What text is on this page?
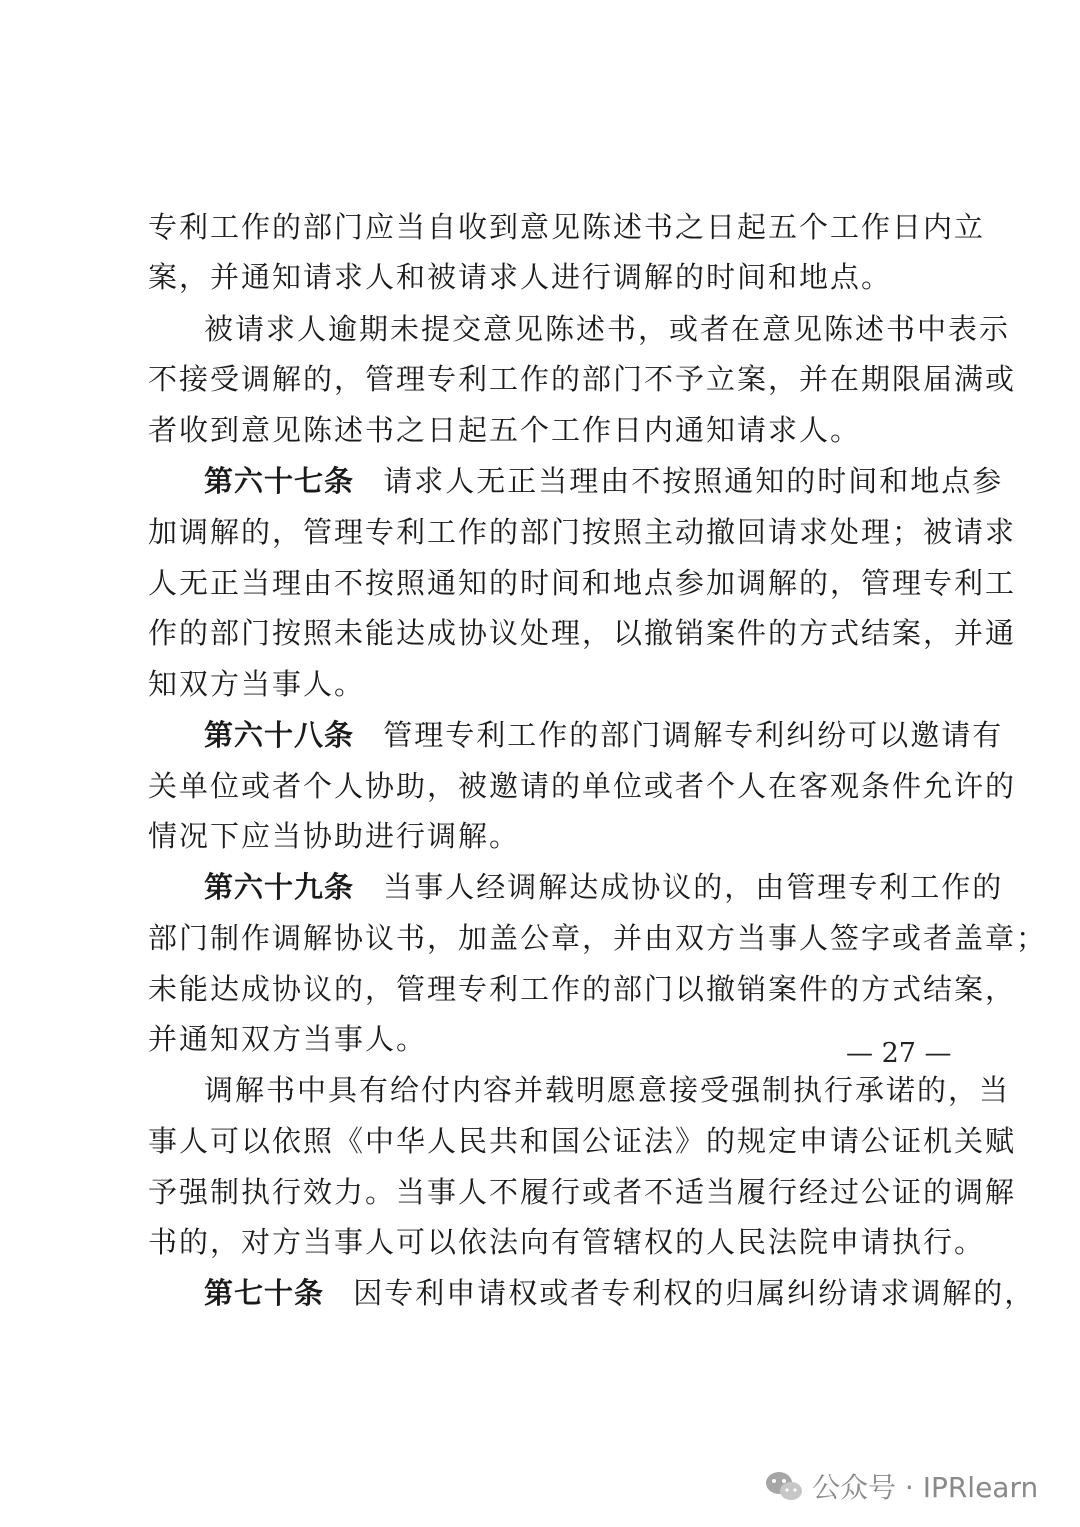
专利工作的部门应当自收到意见陈述书之日起五个工作日内立
案，并通知请求人和被请求人进行调解的时间和地点。
被请求人逾期未提交意见陈述书，或者在意见陈述书中表示
不接受调解的，管理专利工作的部门不予立案，并在期限届满或
者收到意见陈述书之日起五个工作日内通知请求人。
第六十七条 请求人无正当理由不按照通知的时间和地点参
加调解的，管理专利工作的部门按照主动撤回请求处理；被请求
人无正当理由不按照通知的时间和地点参加调解的，管理专利工
作的部门按照未能达成协议处理，以撤销案件的方式结案，并通
知双方当事人。
第六十八条 管理专利工作的部门调解专利纠纷可以邀请有
关单位或者个人协助，被邀请的单位或者个人在客观条件允许的
情况下应当协助进行调解。
第六十九条 当事人经调解达成协议的，由管理专利工作的
部门制作调解协议书，加盖公章，并由双方当事人签字或者盖章；
未能达成协议的，管理专利工作的部门以撤销案件的方式结案，
并通知双方当事人。
调解书中具有给付内容并载明愿意接受强制执行承诺的，当
事人可以依照《中华人民共和国公证法》的规定申请公证机关赋
予强制执行效力。当事人不履行或者不适当履行经过公证的调解
书的，对方当事人可以依法向有管辖权的人民法院申请执行。
第七十条 因专利申请权或者专利权的归属纠纷请求调解的，
— 27 —
公众号 · IPRlearn
